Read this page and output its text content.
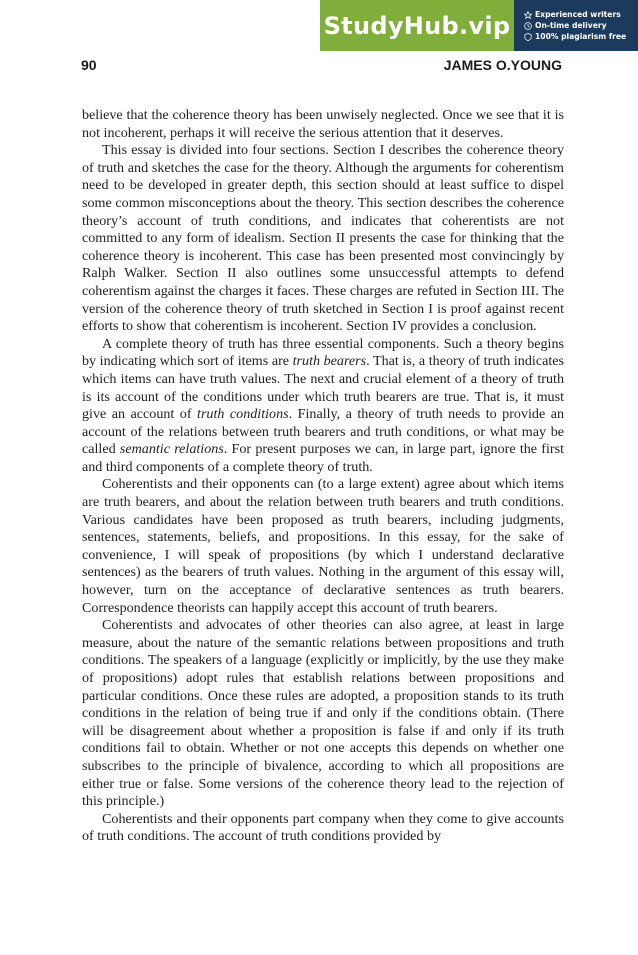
StudyHub.vip	Experienced writers
On-time delivery
100% plagiarism free
90	JAMES O.YOUNG

believe that the coherence theory has been unwisely neglected. Once we see that it is not incoherent, perhaps it will receive the serious attention that it deserves.

This essay is divided into four sections. Section I describes the coherence theory of truth and sketches the case for the theory. Although the arguments for coherentism need to be developed in greater depth, this section should at least suffice to dispel some common misconceptions about the theory. This section describes the coherence theory’s account of truth conditions, and indicates that coherentists are not committed to any form of idealism. Section II presents the case for thinking that the coherence theory is incoherent. This case has been presented most convincingly by Ralph Walker. Section II also outlines some unsuccessful attempts to defend coherentism against the charges it faces. These charges are refuted in Section III. The version of the coherence theory of truth sketched in Section I is proof against recent efforts to show that coherentism is incoherent. Section IV provides a conclusion.

A complete theory of truth has three essential components. Such a theory begins by indicating which sort of items are truth bearers. That is, a theory of truth indicates which items can have truth values. The next and crucial element of a theory of truth is its account of the conditions under which truth bearers are true. That is, it must give an account of truth conditions. Finally, a theory of truth needs to provide an account of the relations between truth bearers and truth conditions, or what may be called semantic relations. For present purposes we can, in large part, ignore the first and third components of a complete theory of truth.

Coherentists and their opponents can (to a large extent) agree about which items are truth bearers, and about the relation between truth bearers and truth conditions. Various candidates have been proposed as truth bearers, including judgments, sentences, statements, beliefs, and propositions. In this essay, for the sake of convenience, I will speak of propositions (by which I understand declarative sentences) as the bearers of truth values. Nothing in the argument of this essay will, however, turn on the acceptance of declarative sentences as truth bearers. Correspondence theorists can happily accept this account of truth bearers.

Coherentists and advocates of other theories can also agree, at least in large measure, about the nature of the semantic relations between propositions and truth conditions. The speakers of a language (explicitly or implicitly, by the use they make of propositions) adopt rules that establish relations between propositions and particular conditions. Once these rules are adopted, a proposition stands to its truth conditions in the relation of being true if and only if the conditions obtain. (There will be disagreement about whether a proposition is false if and only if its truth conditions fail to obtain. Whether or not one accepts this depends on whether one subscribes to the principle of bivalence, according to which all propositions are either true or false. Some versions of the coherence theory lead to the rejection of this principle.)

Coherentists and their opponents part company when they come to give accounts of truth conditions. The account of truth conditions provided by
